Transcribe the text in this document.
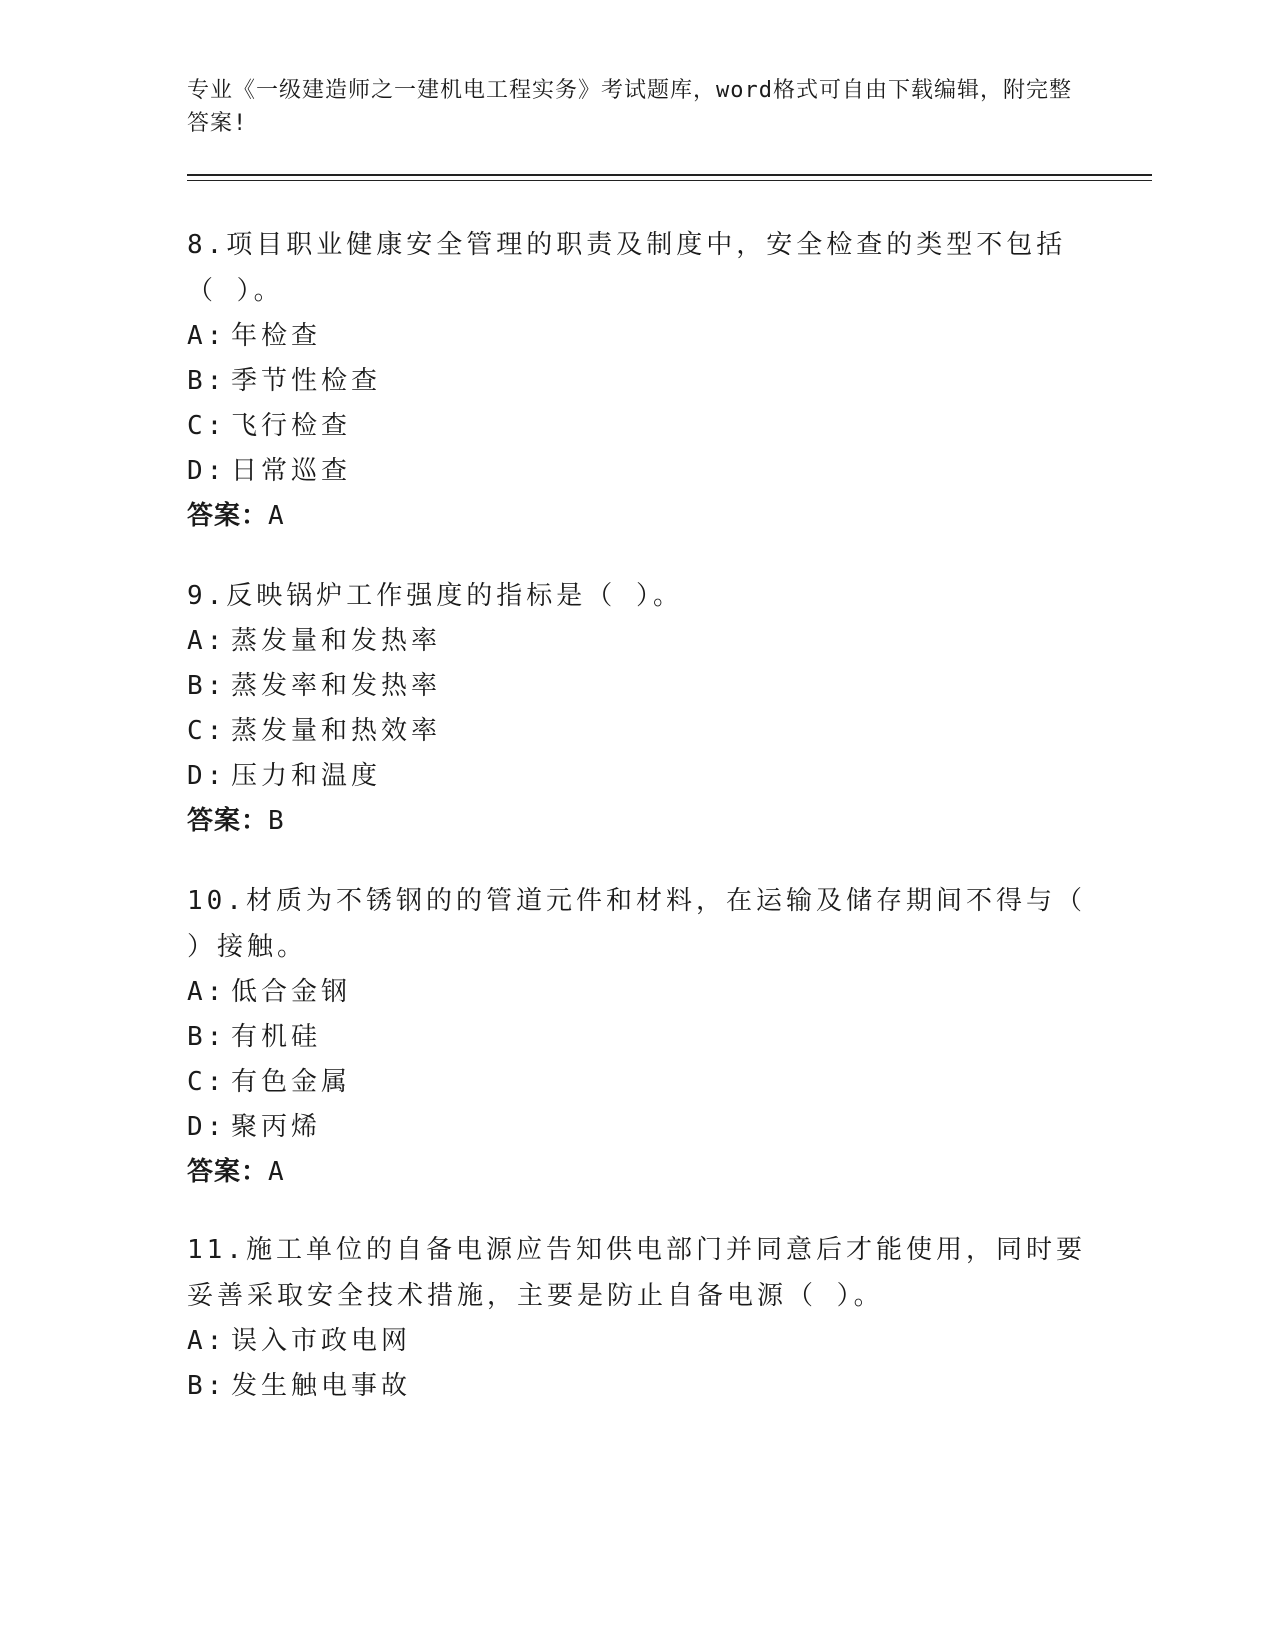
专业《一级建造师之一建机电工程实务》考试题库，word格式可自由下载编辑，附完整答案!
8.项目职业健康安全管理的职责及制度中，安全检查的类型不包括（ ）。
A: 年检查
B: 季节性检查
C: 飞行检查
D: 日常巡查
答案：A
9.反映锅炉工作强度的指标是（ ）。
A: 蒸发量和发热率
B: 蒸发率和发热率
C: 蒸发量和热效率
D: 压力和温度
答案：B
10.材质为不锈钢的的管道元件和材料，在运输及储存期间不得与（ ）接触。
A: 低合金钢
B: 有机硅
C: 有色金属
D: 聚丙烯
答案：A
11.施工单位的自备电源应告知供电部门并同意后才能使用，同时要妥善采取安全技术措施，主要是防止自备电源（ ）。
A: 误入市政电网
B: 发生触电事故
